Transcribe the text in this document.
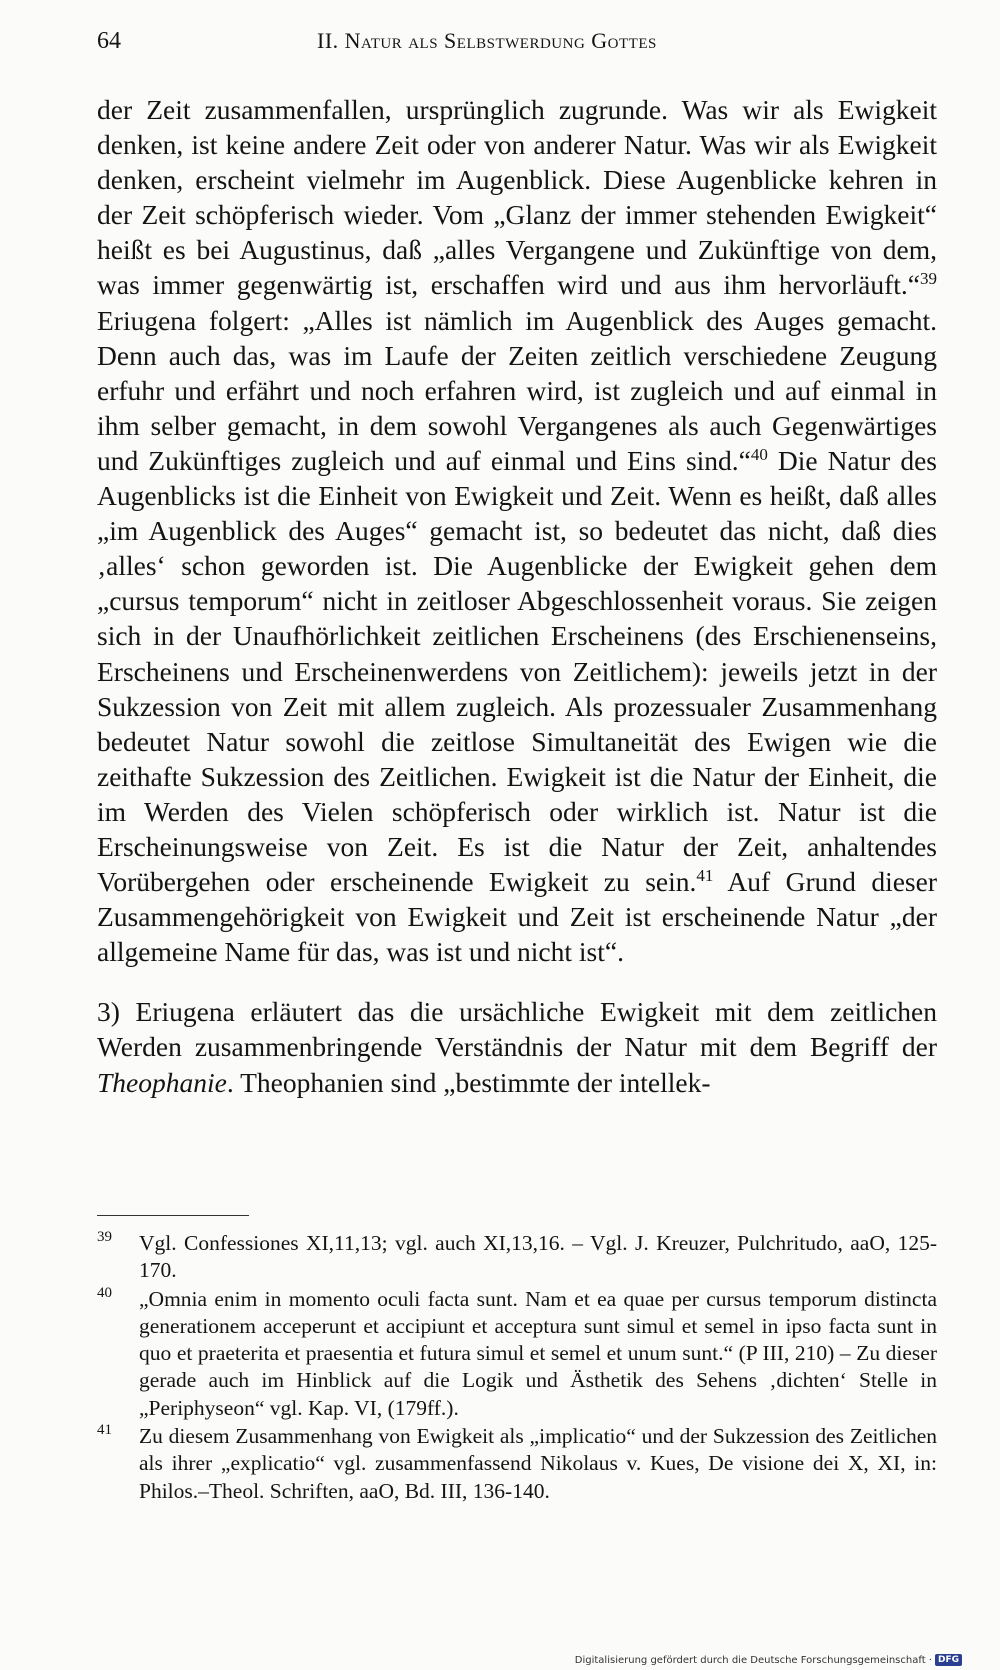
64	II. Natur als Selbstwerdung Gottes

der Zeit zusammenfallen, ursprünglich zugrunde. Was wir als Ewigkeit denken, ist keine andere Zeit oder von anderer Natur. Was wir als Ewigkeit denken, erscheint vielmehr im Augenblick. Diese Augenblicke kehren in der Zeit schöpferisch wieder. Vom „Glanz der immer stehenden Ewigkeit“ heißt es bei Augustinus, daß „alles Vergangene und Zukünftige von dem, was immer gegenwärtig ist, erschaffen wird und aus ihm hervorläuft.“$^{39}$ Eriugena folgert: „Alles ist nämlich im Augenblick des Auges gemacht. Denn auch das, was im Laufe der Zeiten zeitlich verschiedene Zeugung erfuhr und erfährt und noch erfahren wird, ist zugleich und auf einmal in ihm selber gemacht, in dem sowohl Vergangenes als auch Gegenwärtiges und Zukünftiges zugleich und auf einmal und Eins sind.“$^{40}$ Die Natur des Augenblicks ist die Einheit von Ewigkeit und Zeit. Wenn es heißt, daß alles „im Augenblick des Auges“ gemacht ist, so bedeutet das nicht, daß dies ‚alles‘ schon geworden ist. Die Augenblicke der Ewigkeit gehen dem „cursus temporum“ nicht in zeitloser Abgeschlossenheit voraus. Sie zeigen sich in der Unaufhörlichkeit zeitlichen Erscheinens (des Erschienenseins, Erscheinens und Erscheinenwerdens von Zeitlichem): jeweils jetzt in der Sukzession von Zeit mit allem zugleich. Als prozessualer Zusammenhang bedeutet Natur sowohl die zeitlose Simultaneität des Ewigen wie die zeithafte Sukzession des Zeitlichen. Ewigkeit ist die Natur der Einheit, die im Werden des Vielen schöpferisch oder wirklich ist. Natur ist die Erscheinungsweise von Zeit. Es ist die Natur der Zeit, anhaltendes Vorübergehen oder erscheinende Ewigkeit zu sein.$^{41}$ Auf Grund dieser Zusammengehörigkeit von Ewigkeit und Zeit ist erscheinende Natur „der allgemeine Name für das, was ist und nicht ist“.

3) Eriugena erläutert das die ursächliche Ewigkeit mit dem zeitlichen Werden zusammenbringende Verständnis der Natur mit dem Begriff der Theophanie. Theophanien sind „bestimmte der intellek-

39 Vgl. Confessiones XI,11,13; vgl. auch XI,13,16. – Vgl. J. Kreuzer, Pulchritudo, aaO, 125-170.

40 „Omnia enim in momento oculi facta sunt. Nam et ea quae per cursus temporum distincta generationem acceperunt et accipiunt et acceptura sunt simul et semel in ipso facta sunt in quo et praeterita et praesentia et futura simul et semel et unum sunt.“ (P III, 210) – Zu dieser gerade auch im Hinblick auf die Logik und Ästhetik des Sehens ‚dichten‘ Stelle in „Periphyseon“ vgl. Kap. VI, (179ff.).

41 Zu diesem Zusammenhang von Ewigkeit als „implicatio“ und der Sukzession des Zeitlichen als ihrer „explicatio“ vgl. zusammenfassend Nikolaus v. Kues, De visione dei X, XI, in: Philos.–Theol. Schriften, aaO, Bd. III, 136-140.

Digitalisierung gefördert durch die Deutsche Forschungsgemeinschaft · DFG
